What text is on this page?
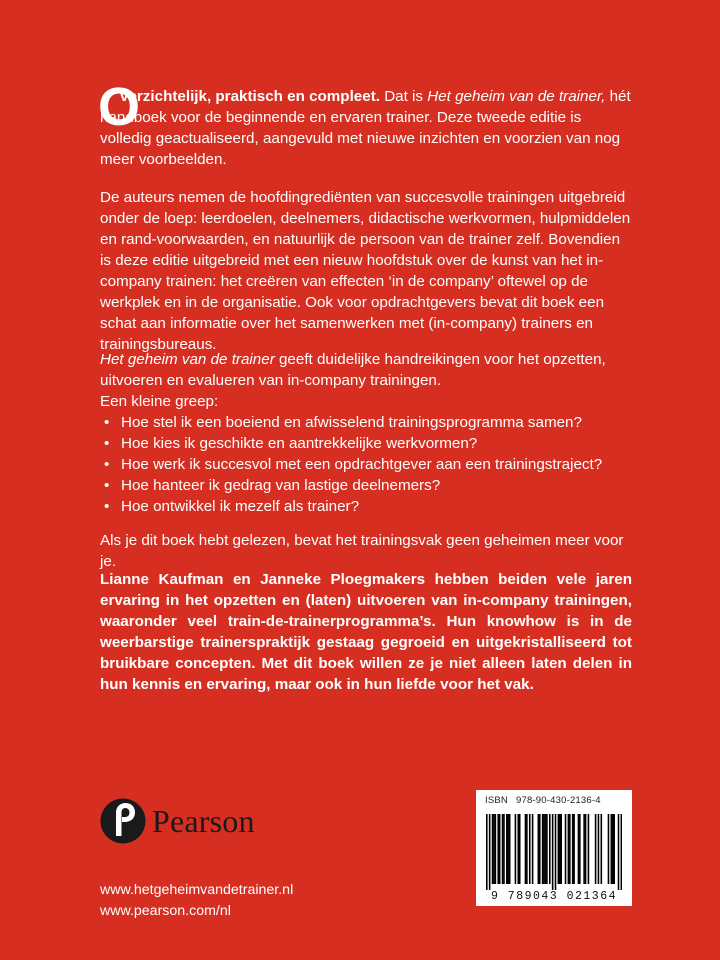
O

verzichtelijk, praktisch en compleet. Dat is Het geheim van de trainer, hét handboek voor de beginnende en ervaren trainer. Deze tweede editie is volledig geactualiseerd, aangevuld met nieuwe inzichten en voorzien van nog meer voorbeelden.

De auteurs nemen de hoofdingrediënten van succesvolle trainingen uitgebreid onder de loep: leerdoelen, deelnemers, didactische werkvormen, hulpmiddelen en rand-voorwaarden, en natuurlijk de persoon van de trainer zelf. Bovendien is deze editie uitgebreid met een nieuw hoofdstuk over de kunst van het in-company trainen: het creëren van effecten ‘in de company’ oftewel op de werkplek en in de organisatie. Ook voor opdrachtgevers bevat dit boek een schat aan informatie over het samenwerken met (in-company) trainers en trainingsbureaus.

Het geheim van de trainer geeft duidelijke handreikingen voor het opzetten, uitvoeren en evalueren van in-company trainingen.

Een kleine greep:

• Hoe stel ik een boeiend en afwisselend trainingsprogramma samen?
• Hoe kies ik geschikte en aantrekkelijke werkvormen?
• Hoe werk ik succesvol met een opdrachtgever aan een trainingstraject?
• Hoe hanteer ik gedrag van lastige deelnemers?
• Hoe ontwikkel ik mezelf als trainer?

Als je dit boek hebt gelezen, bevat het trainingsvak geen geheimen meer voor je.

Lianne Kaufman en Janneke Ploegmakers hebben beiden vele jaren ervaring in het opzetten en (laten) uitvoeren van in-company trainingen, waaronder veel train-de-trainerprogramma’s. Hun knowhow is in de weerbarstige trainerspraktijk gestaag gegroeid en uitgekristalliseerd tot bruikbare concepten. Met dit boek willen ze je niet alleen laten delen in hun kennis en ervaring, maar ook in hun liefde voor het vak.

Pearson
www.hetgeheimvandetrainer.nl
www.pearson.com/nl
ISBN 978-90-430-2136-4
9 789043 021364
